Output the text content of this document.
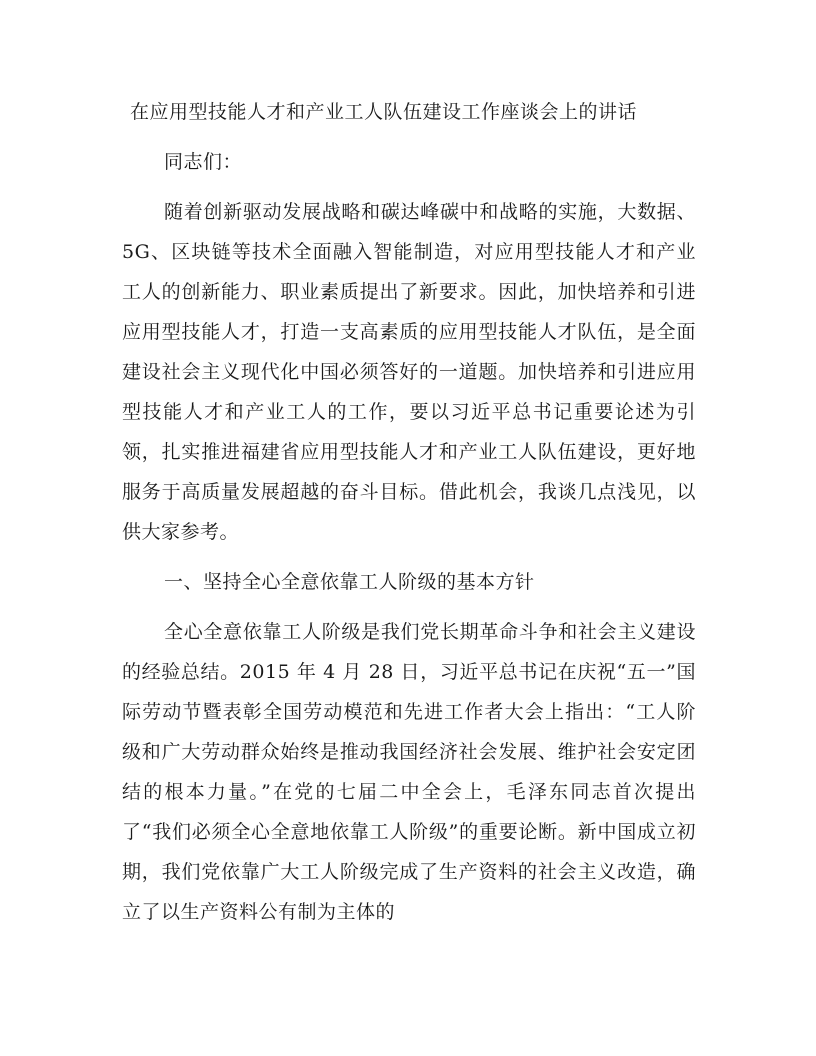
在应用型技能人才和产业工人队伍建设工作座谈会上的讲话

同志们：

随着创新驱动发展战略和碳达峰碳中和战略的实施，大数据、5G、区块链等技术全面融入智能制造，对应用型技能人才和产业工人的创新能力、职业素质提出了新要求。因此，加快培养和引进应用型技能人才，打造一支高素质的应用型技能人才队伍，是全面建设社会主义现代化中国必须答好的一道题。加快培养和引进应用型技能人才和产业工人的工作，要以习近平总书记重要论述为引领，扎实推进福建省应用型技能人才和产业工人队伍建设，更好地服务于高质量发展超越的奋斗目标。借此机会，我谈几点浅见，以供大家参考。

一、坚持全心全意依靠工人阶级的基本方针

全心全意依靠工人阶级是我们党长期革命斗争和社会主义建设的经验总结。2015 年 4 月 28 日，习近平总书记在庆祝“五一”国际劳动节暨表彰全国劳动模范和先进工作者大会上指出：“工人阶级和广大劳动群众始终是推动我国经济社会发展、维护社会安定团结的根本力量。”在党的七届二中全会上，毛泽东同志首次提出了“我们必须全心全意地依靠工人阶级”的重要论断。新中国成立初期，我们党依靠广大工人阶级完成了生产资料的社会主义改造，确立了以生产资料公有制为主体的
